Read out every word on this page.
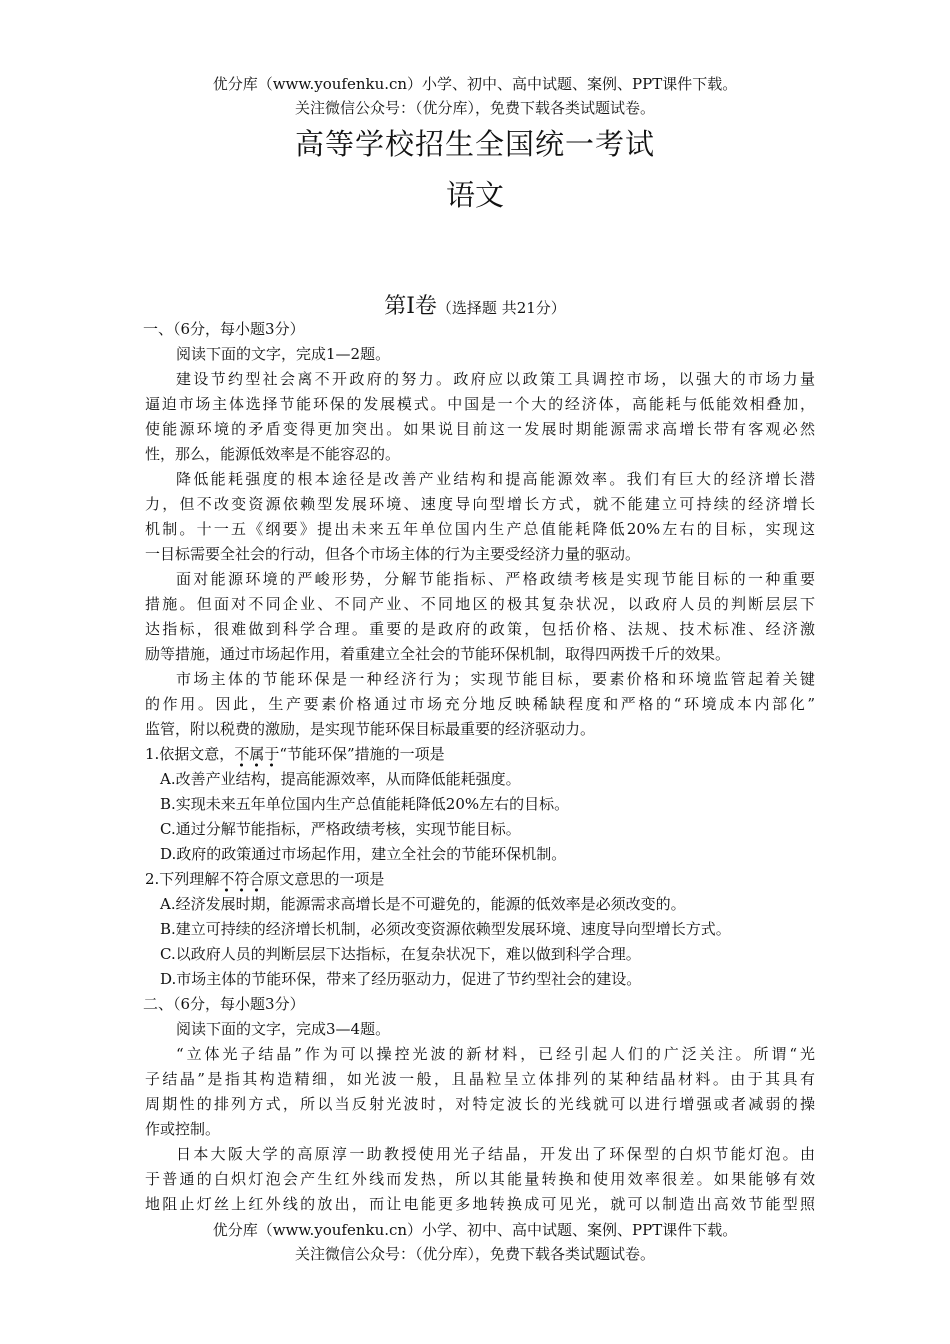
优分库（www.youfenku.cn）小学、初中、高中试题、案例、PPT课件下载。
关注微信公众号：（优分库），免费下载各类试题试卷。
高等学校招生全国统一考试
语文
第Ⅰ卷（选择题 共21分）
一、（6分，每小题3分）
阅读下面的文字，完成1—2题。
建设节约型社会离不开政府的努力。政府应以政策工具调控市场，以强大的市场力量
逼迫市场主体选择节能环保的发展模式。中国是一个大的经济体，高能耗与低能效相叠加，
使能源环境的矛盾变得更加突出。如果说目前这一发展时期能源需求高增长带有客观必然
性，那么，能源低效率是不能容忍的。
降低能耗强度的根本途径是改善产业结构和提高能源效率。我们有巨大的经济增长潜
力，但不改变资源依赖型发展环境、速度导向型增长方式，就不能建立可持续的经济增长
机制。十一五《纲要》提出未来五年单位国内生产总值能耗降低20%左右的目标，实现这
一目标需要全社会的行动，但各个市场主体的行为主要受经济力量的驱动。
面对能源环境的严峻形势，分解节能指标、严格政绩考核是实现节能目标的一种重要
措施。但面对不同企业、不同产业、不同地区的极其复杂状况，以政府人员的判断层层下
达指标，很难做到科学合理。重要的是政府的政策，包括价格、法规、技术标准、经济激
励等措施，通过市场起作用，着重建立全社会的节能环保机制，取得四两拨千斤的效果。
市场主体的节能环保是一种经济行为；实现节能目标，要素价格和环境监管起着关键
的作用。因此，生产要素价格通过市场充分地反映稀缺程度和严格的“环境成本内部化”
监管，附以税费的激励，是实现节能环保目标最重要的经济驱动力。
1.依据文意，不属于“节能环保”措施的一项是
A.改善产业结构，提高能源效率，从而降低能耗强度。
B.实现未来五年单位国内生产总值能耗降低20%左右的目标。
C.通过分解节能指标，严格政绩考核，实现节能目标。
D.政府的政策通过市场起作用，建立全社会的节能环保机制。
2.下列理解不符合原文意思的一项是
A.经济发展时期，能源需求高增长是不可避免的，能源的低效率是必须改变的。
B.建立可持续的经济增长机制，必须改变资源依赖型发展环境、速度导向型增长方式。
C.以政府人员的判断层层下达指标，在复杂状况下，难以做到科学合理。
D.市场主体的节能环保，带来了经历驱动力，促进了节约型社会的建设。
二、（6分，每小题3分）
阅读下面的文字，完成3—4题。
“立体光子结晶”作为可以操控光波的新材料，已经引起人们的广泛关注。所谓“光
子结晶”是指其构造精细，如光波一般，且晶粒呈立体排列的某种结晶材料。由于其具有
周期性的排列方式，所以当反射光波时，对特定波长的光线就可以进行增强或者减弱的操
作或控制。
日本大阪大学的高原淳一助教授使用光子结晶，开发出了环保型的白炽节能灯泡。由
于普通的白炽灯泡会产生红外线而发热，所以其能量转换和使用效率很差。如果能够有效
地阻止灯丝上红外线的放出，而让电能更多地转换成可见光，就可以制造出高效节能型照
优分库（www.youfenku.cn）小学、初中、高中试题、案例、PPT课件下载。
关注微信公众号：（优分库），免费下载各类试题试卷。
